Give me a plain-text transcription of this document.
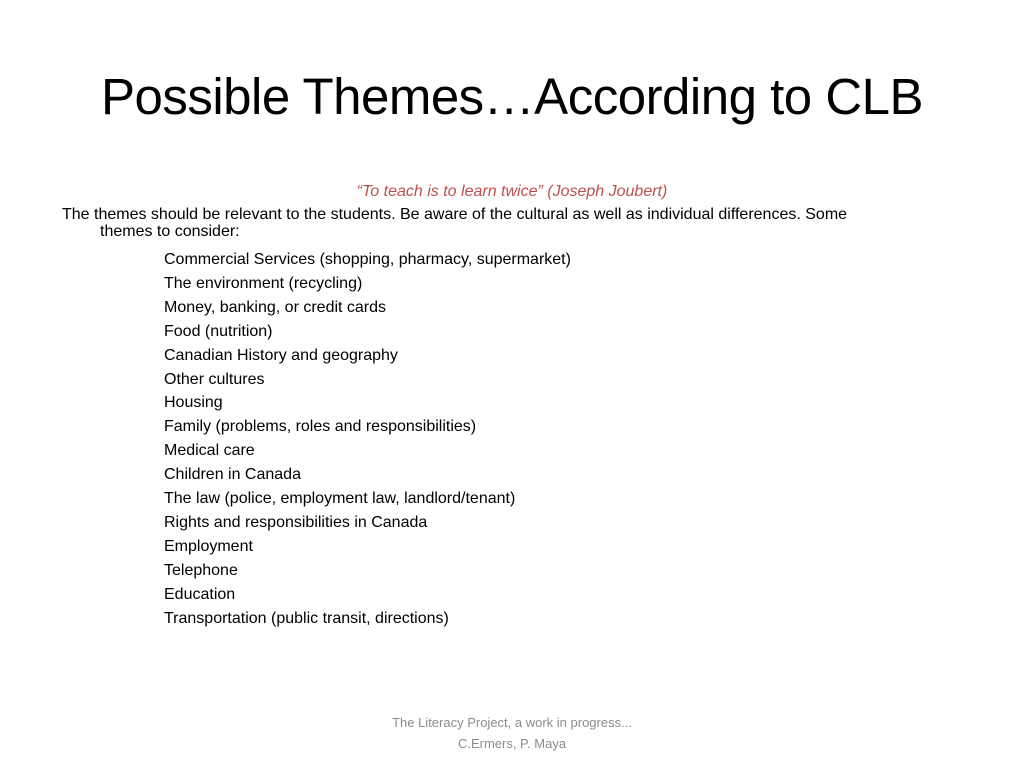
Possible Themes…According to CLB
“To teach is to learn twice” (Joseph Joubert)

The themes should be relevant to the students. Be aware of the cultural as well as individual differences. Some
themes to consider:

Commercial Services (shopping, pharmacy, supermarket)
The environment (recycling)
Money, banking, or credit cards
Food (nutrition)
Canadian History and geography
Other cultures
Housing
Family (problems, roles and responsibilities)
Medical care
Children in Canada
The law (police, employment law, landlord/tenant)
Rights and responsibilities in Canada
Employment
Telephone
Education
Transportation (public transit, directions)
The Literacy Project, a work in progress...
C.Ermers, P. Maya
